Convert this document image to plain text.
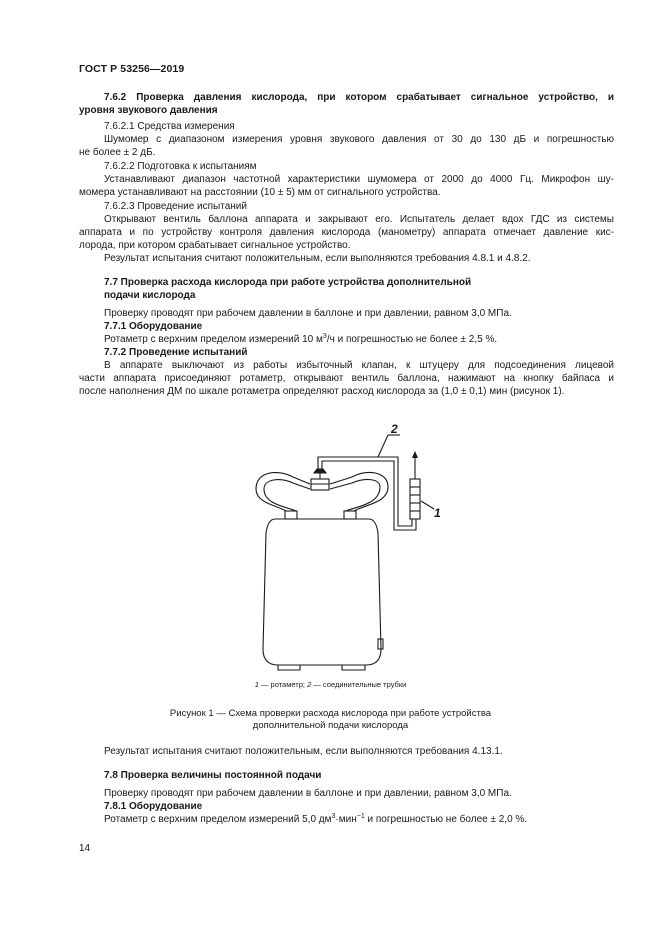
ГОСТ Р 53256—2019
7.6.2 Проверка давления кислорода, при котором срабатывает сигнальное устройство, и
уровня звукового давления
7.6.2.1 Средства измерения
Шумомер с диапазоном измерения уровня звукового давления от 30 до 130 дБ и погрешностью
не более ± 2 дБ.
7.6.2.2 Подготовка к испытаниям
Устанавливают диапазон частотной характеристики шумомера от 2000 до 4000 Гц. Микрофон шу-
момера устанавливают на расстоянии (10 ± 5) мм от сигнального устройства.
7.6.2.3 Проведение испытаний
Открывают вентиль баллона аппарата и закрывают его. Испытатель делает вдох ГДС из системы
аппарата и по устройству контроля давления кислорода (манометру) аппарата отмечает давление кис-
лорода, при котором срабатывает сигнальное устройство.
Результат испытания считают положительным, если выполняются требования 4.8.1 и 4.8.2.
7.7 Проверка расхода кислорода при работе устройства дополнительной
подачи кислорода
Проверку проводят при рабочем давлении в баллоне и при давлении, равном 3,0 МПа.
7.7.1 Оборудование
Ротаметр с верхним пределом измерений 10 $м^3/ч$ и погрешностью не более ± 2,5 %.
7.7.2 Проведение испытаний
В аппарате выключают из работы избыточный клапан, к штуцеру для подсоединения лицевой
части аппарата присоединяют ротаметр, открывают вентиль баллона, нажимают на кнопку байпаса и
после наполнения ДМ по шкале ротаметра определяют расход кислорода за (1,0 ± 0,1) мин (рисунок 1).
1
2
1 — ротаметр; 2 — соединительные трубки
Рисунок 1 — Схема проверки расхода кислорода при работе устройства
дополнительной подачи кислорода
Результат испытания считают положительным, если выполняются требования 4.13.1.
7.8 Проверка величины постоянной подачи
Проверку проводят при рабочем давлении в баллоне и при давлении, равном 3,0 МПа.
7.8.1 Оборудование
Ротаметр с верхним пределом измерений 5,0 $дм^3\cdot мин^{-1}$ и погрешностью не более ± 2,0 %.
14
